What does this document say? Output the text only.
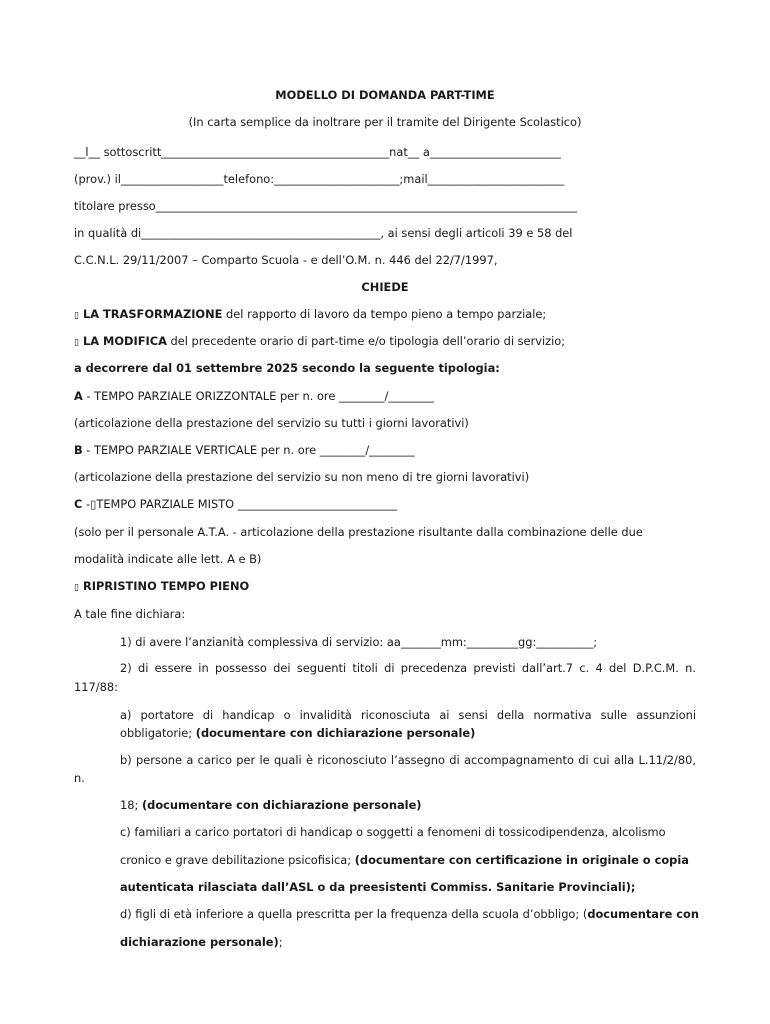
MODELLO DI DOMANDA PART-TIME
(In carta semplice da inoltrare per il tramite del Dirigente Scolastico)
__l__ sottoscritt________________________________________nat__ a_______________________
(prov.) il__________________telefono:______________________;mail________________________
titolare presso__________________________________________________________________________
in qualità di__________________________________________, ai sensi degli articoli 39 e 58 del
C.C.N.L. 29/11/2007 – Comparto Scuola - e dell’O.M. n. 446 del 22/7/1997,
CHIEDE
▯ LA TRASFORMAZIONE del rapporto di lavoro da tempo pieno a tempo parziale;
▯ LA MODIFICA del precedente orario di part-time e/o tipologia dell’orario di servizio;
a decorrere dal 01 settembre 2025 secondo la seguente tipologia:
A - TEMPO PARZIALE ORIZZONTALE per n. ore ________/________
(articolazione della prestazione del servizio su tutti i giorni lavorativi)
B - TEMPO PARZIALE VERTICALE per n. ore ________/________
(articolazione della prestazione del servizio su non meno di tre giorni lavorativi)
C -▯TEMPO PARZIALE MISTO ____________________________
(solo per il personale A.T.A. - articolazione della prestazione risultante dalla combinazione delle due
modalità indicate alle lett. A e B)
▯ RIPRISTINO TEMPO PIENO
A tale fine dichiara:
1) di avere l’anzianità complessiva di servizio: aa_______mm:_________gg:__________;
2) di essere in possesso dei seguenti titoli di precedenza previsti dall’art.7 c. 4 del D.P.C.M. n.
117/88:
a) portatore di handicap o invalidità riconosciuta ai sensi della normativa sulle assunzioni
obbligatorie; (documentare con dichiarazione personale)
b) persone a carico per le quali è riconosciuto l’assegno di accompagnamento di cui alla L.11/2/80,
n.
18; (documentare con dichiarazione personale)
c) familiari a carico portatori di handicap o soggetti a fenomeni di tossicodipendenza, alcolismo
cronico e grave debilitazione psicofisica; (documentare con certificazione in originale o copia
autenticata rilasciata dall’ASL o da preesistenti Commiss. Sanitarie Provinciali);
d) figli di età inferiore a quella prescritta per la frequenza della scuola d’obbligo; (documentare con
dichiarazione personale);
